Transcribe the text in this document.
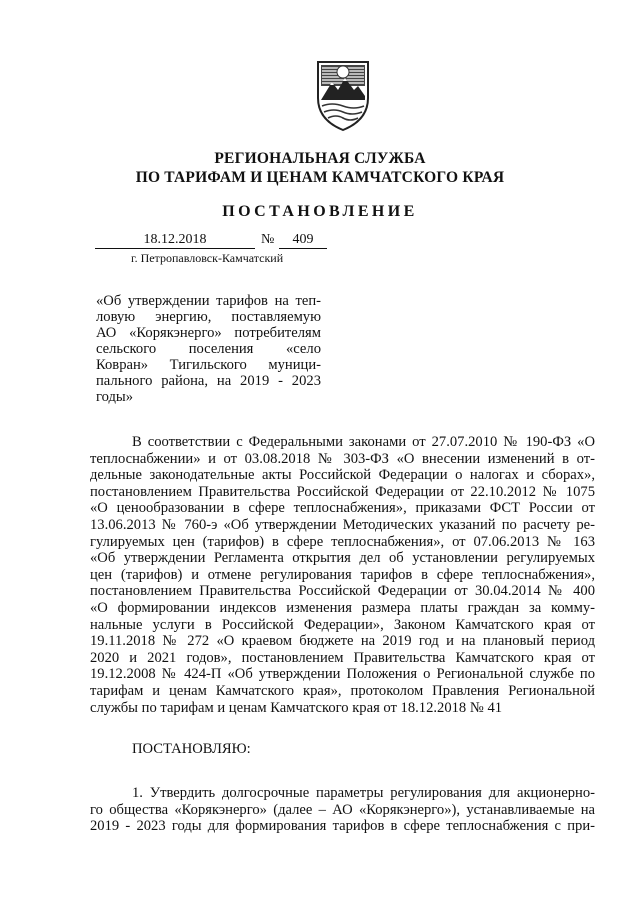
РЕГИОНАЛЬНАЯ СЛУЖБА
ПО ТАРИФАМ И ЦЕНАМ КАМЧАТСКОГО КРАЯ
ПОСТАНОВЛЕНИЕ
18.12.2018	№	409
г. Петропавловск-Камчатский
«Об утверждении тарифов на теп-
ловую энергию, поставляемую
АО «Корякэнерго» потребителям
сельского поселения «село
Ковран» Тигильского муници-
пального района, на 2019 - 2023
годы»
В соответствии с Федеральными законами от 27.07.2010 № 190-ФЗ «О
теплоснабжении» и от 03.08.2018 № 303-ФЗ «О внесении изменений в от-
дельные законодательные акты Российской Федерации о налогах и сборах»,
постановлением Правительства Российской Федерации от 22.10.2012 № 1075
«О ценообразовании в сфере теплоснабжения», приказами ФСТ России от
13.06.2013 № 760-э «Об утверждении Методических указаний по расчету ре-
гулируемых цен (тарифов) в сфере теплоснабжения», от 07.06.2013 № 163
«Об утверждении Регламента открытия дел об установлении регулируемых
цен (тарифов) и отмене регулирования тарифов в сфере теплоснабжения»,
постановлением Правительства Российской Федерации от 30.04.2014 № 400
«О формировании индексов изменения размера платы граждан за комму-
нальные услуги в Российской Федерации», Законом Камчатского края от
19.11.2018 № 272 «О краевом бюджете на 2019 год и на плановый период
2020 и 2021 годов», постановлением Правительства Камчатского края от
19.12.2008 № 424-П «Об утверждении Положения о Региональной службе по
тарифам и ценам Камчатского края», протоколом Правления Региональной
службы по тарифам и ценам Камчатского края от 18.12.2018 № 41
ПОСТАНОВЛЯЮ:
1. Утвердить долгосрочные параметры регулирования для акционерно-
го общества «Корякэнерго» (далее – АО «Корякэнерго»), устанавливаемые на
2019 - 2023 годы для формирования тарифов в сфере теплоснабжения с при-
